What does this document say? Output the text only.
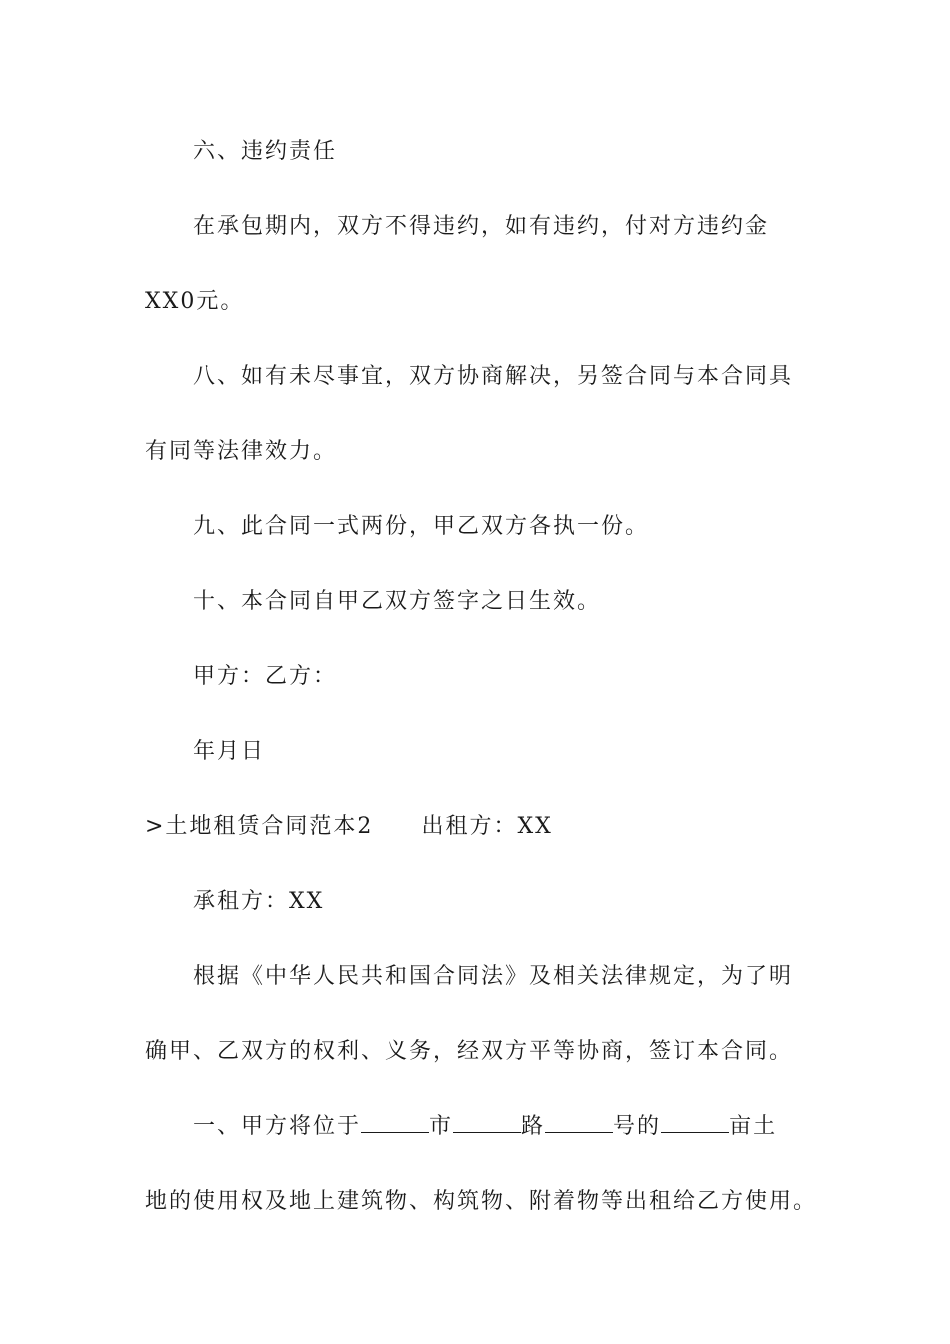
六、违约责任
在承包期内，双方不得违约，如有违约，付对方违约金
XX0元。
八、如有未尽事宜，双方协商解决，另签合同与本合同具
有同等法律效力。
九、此合同一式两份，甲乙双方各执一份。
十、本合同自甲乙双方签字之日生效。
甲方：乙方：
年月日
>土地租赁合同范本2 出租方：XX
承租方：XX
根据《中华人民共和国合同法》及相关法律规定，为了明
确甲、乙双方的权利、义务，经双方平等协商，签订本合同。
一、甲方将位于	市	路	号的	亩土
地的使用权及地上建筑物、构筑物、附着物等出租给乙方使用。
